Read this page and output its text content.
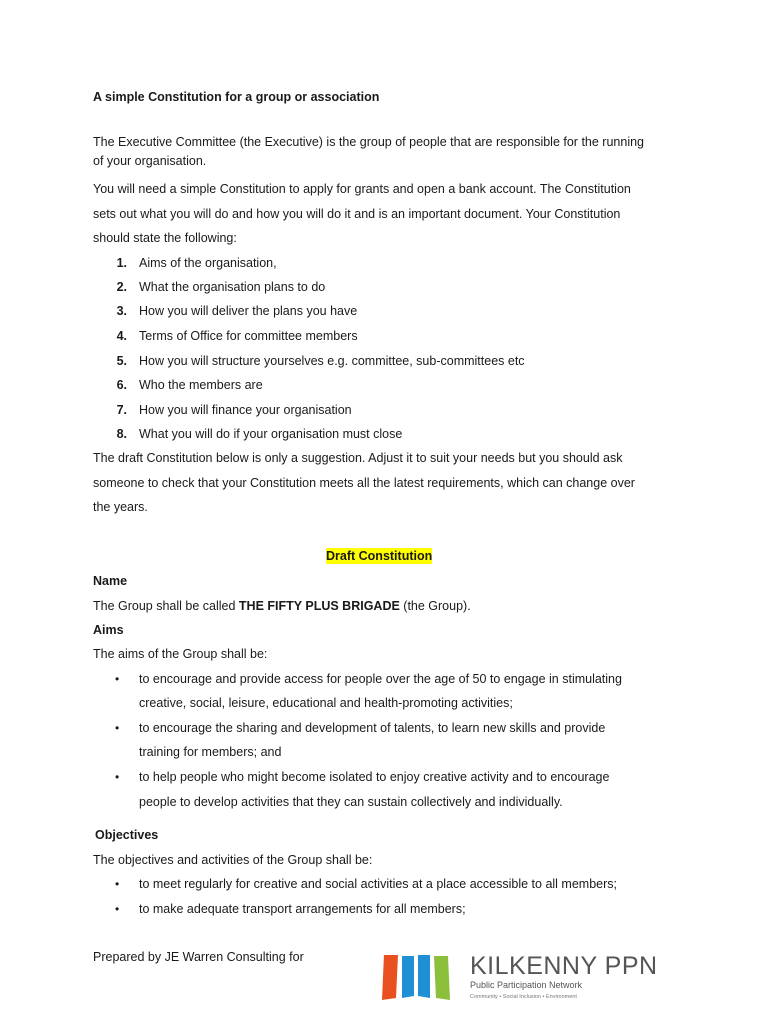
A simple Constitution for a group or association
The Executive Committee (the Executive) is the group of people that are responsible for the running
of your organisation.
You will need a simple Constitution to apply for grants and open a bank account. The Constitution
sets out what you will do and how you will do it and is an important document. Your Constitution
should state the following:
1. Aims of the organisation,
2. What the organisation plans to do
3. How you will deliver the plans you have
4. Terms of Office for committee members
5. How you will structure yourselves e.g. committee, sub-committees etc
6. Who the members are
7. How you will finance your organisation
8. What you will do if your organisation must close
The draft Constitution below is only a suggestion. Adjust it to suit your needs but you should ask
someone to check that your Constitution meets all the latest requirements, which can change over
the years.
Draft Constitution
Name
The Group shall be called THE FIFTY PLUS BRIGADE (the Group).
Aims
The aims of the Group shall be:
• to encourage and provide access for people over the age of 50 to engage in stimulating
creative, social, leisure, educational and health-promoting activities;
• to encourage the sharing and development of talents, to learn new skills and provide
training for members; and
• to help people who might become isolated to enjoy creative activity and to encourage
people to develop activities that they can sustain collectively and individually.
Objectives
The objectives and activities of the Group shall be:
• to meet regularly for creative and social activities at a place accessible to all members;
• to make adequate transport arrangements for all members;
Prepared by JE Warren Consulting for	KILKENNY PPN
Public Participation Network
Community • Social Inclusion • Environment
